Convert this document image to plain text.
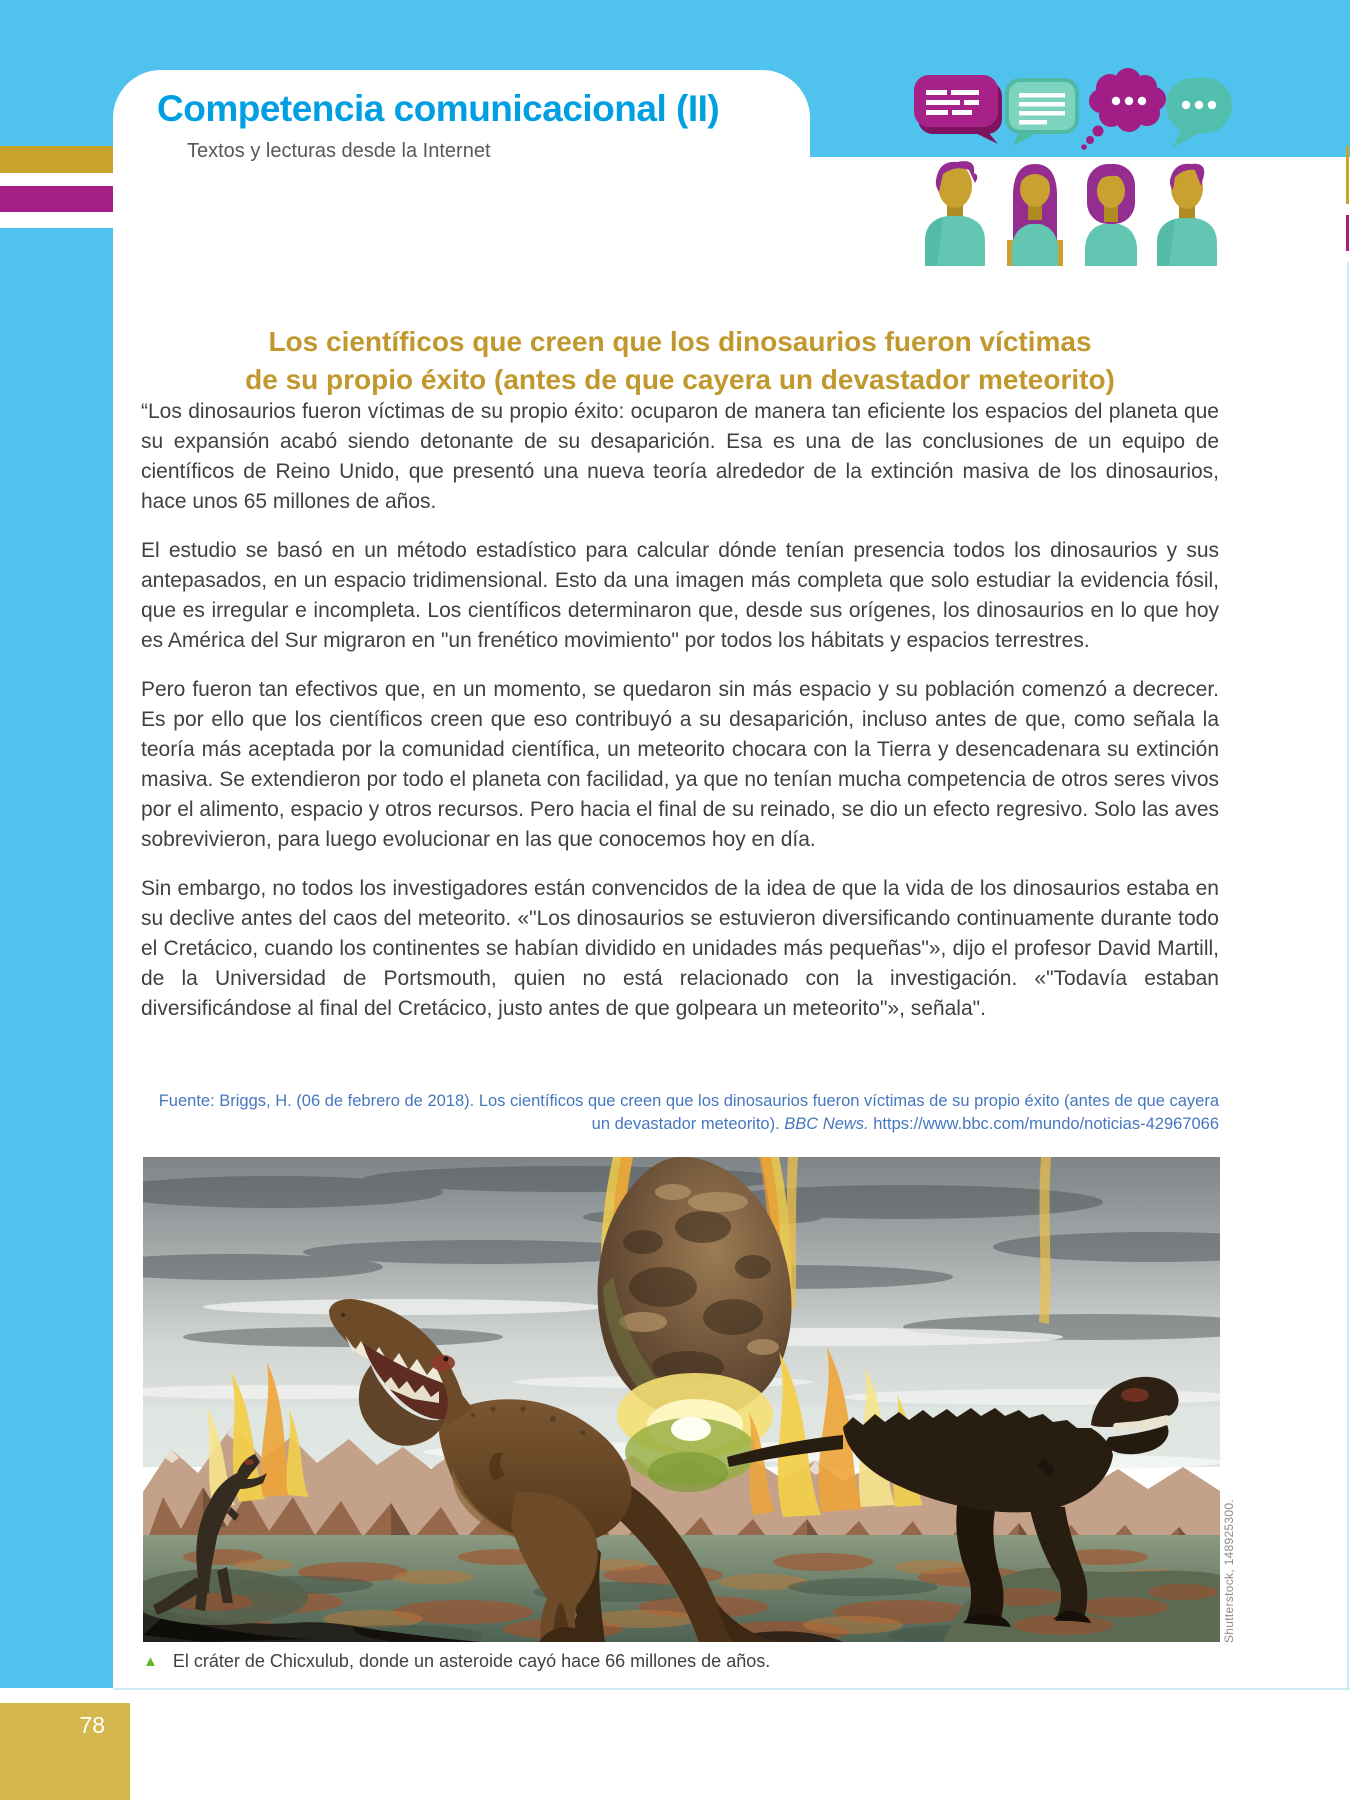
Competencia comunicacional (II)
Textos y lecturas desde la Internet
Los científicos que creen que los dinosaurios fueron víctimas
de su propio éxito (antes de que cayera un devastador meteorito)

“Los dinosaurios fueron víctimas de su propio éxito: ocuparon de manera tan eficiente los espacios del planeta que su expansión acabó siendo detonante de su desaparición. Esa es una de las conclusiones de un equipo de científicos de Reino Unido, que presentó una nueva teoría alrededor de la extinción masiva de los dinosaurios, hace unos 65 millones de años.

El estudio se basó en un método estadístico para calcular dónde tenían presencia todos los dinosaurios y sus antepasados, en un espacio tridimensional. Esto da una imagen más completa que solo estudiar la evidencia fósil, que es irregular e incompleta. Los científicos determinaron que, desde sus orígenes, los dinosaurios en lo que hoy es América del Sur migraron en "un frenético movimiento" por todos los hábitats y espacios terrestres.

Pero fueron tan efectivos que, en un momento, se quedaron sin más espacio y su población comenzó a decrecer. Es por ello que los científicos creen que eso contribuyó a su desaparición, incluso antes de que, como señala la teoría más aceptada por la comunidad científica, un meteorito chocara con la Tierra y desencadenara su extinción masiva. Se extendieron por todo el planeta con facilidad, ya que no tenían mucha competencia de otros seres vivos por el alimento, espacio y otros recursos. Pero hacia el final de su reinado, se dio un efecto regresivo. Solo las aves sobrevivieron, para luego evolucionar en las que conocemos hoy en día.

Sin embargo, no todos los investigadores están convencidos de la idea de que la vida de los dinosaurios estaba en su declive antes del caos del meteorito. «"Los dinosaurios se estuvieron diversificando continuamente durante todo el Cretácico, cuando los continentes se habían dividido en unidades más pequeñas"», dijo el profesor David Martill, de la Universidad de Portsmouth, quien no está relacionado con la investigación. «"Todavía estaban diversificándose al final del Cretácico, justo antes de que golpeara un meteorito"», señala".

Fuente: Briggs, H. (06 de febrero de 2018). Los científicos que creen que los dinosaurios fueron víctimas de su propio éxito (antes de que cayera un devastador meteorito). BBC News. https://www.bbc.com/mundo/noticias-42967066
Shutterstock, 148925300.
▲ El cráter de Chicxulub, donde un asteroide cayó hace 66 millones de años.
78
